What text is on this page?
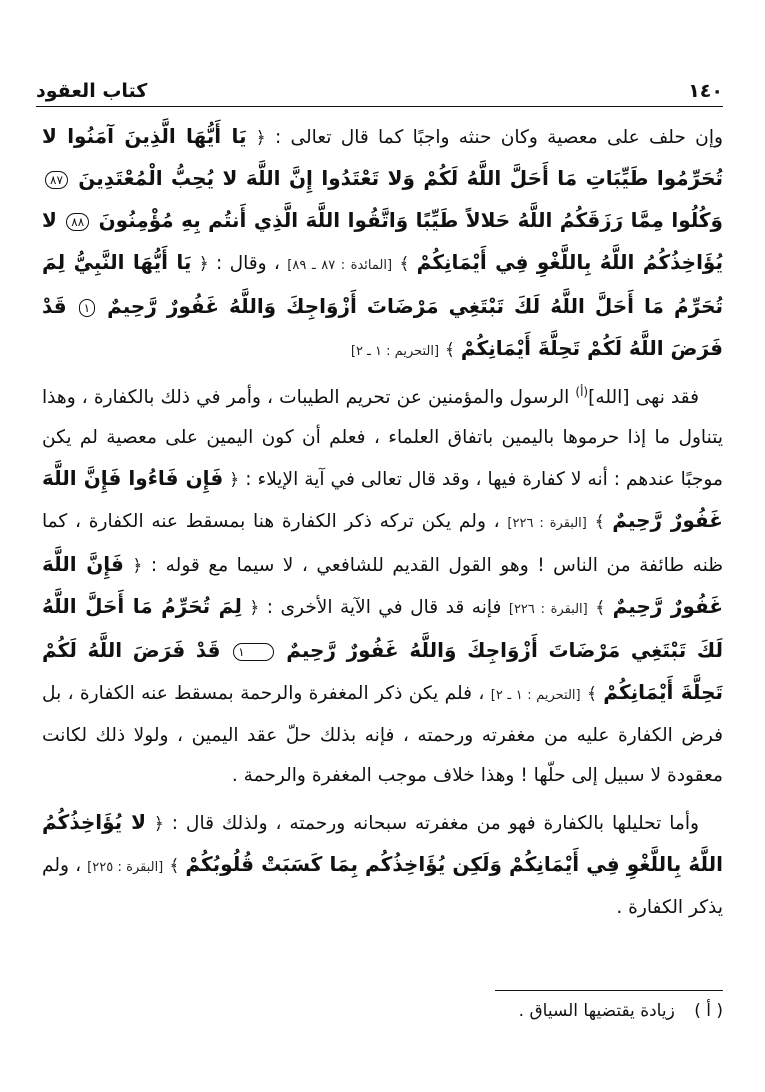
١٤٠
كتاب العقود

وإن حلف على معصية وكان حنثه واجبًا كما قال تعالى : ﴿ يَا أَيُّهَا الَّذِينَ آمَنُوا لا تُحَرِّمُوا طَيِّبَاتِ مَا أَحَلَّ اللَّهُ لَكُمْ وَلا تَعْتَدُوا إِنَّ اللَّهَ لا يُحِبُّ الْمُعْتَدِينَ ٨٧ وَكُلُوا مِمَّا رَزَقَكُمُ اللَّهُ حَلالاً طَيِّبًا وَاتَّقُوا اللَّهَ الَّذِي أَنتُم بِهِ مُؤْمِنُونَ ٨٨ لا يُؤَاخِذُكُمُ اللَّهُ بِاللَّغْوِ فِي أَيْمَانِكُمْ ﴾ [المائدة : ٨٧ ـ ٨٩] ، وقال : ﴿ يَا أَيُّهَا النَّبِيُّ لِمَ تُحَرِّمُ مَا أَحَلَّ اللَّهُ لَكَ تَبْتَغِي مَرْضَاتَ أَزْوَاجِكَ وَاللَّهُ غَفُورٌ رَّحِيمٌ ١ قَدْ فَرَضَ اللَّهُ لَكُمْ تَحِلَّةَ أَيْمَانِكُمْ ﴾ [التحريم : ١ ـ ٢]

فقد نهى [الله]$^{(أ)}$ الرسول والمؤمنين عن تحريم الطيبات ، وأمر في ذلك بالكفارة ، وهذا يتناول ما إذا حرموها باليمين باتفاق العلماء ، فعلم أن كون اليمين على معصية لم يكن موجبًا عندهم : أنه لا كفارة فيها ، وقد قال تعالى في آية الإيلاء : ﴿ فَإِن فَاءُوا فَإِنَّ اللَّهَ غَفُورٌ رَّحِيمٌ ﴾ [البقرة : ٢٢٦] ، ولم يكن تركه ذكر الكفارة هنا بمسقط عنه الكفارة ، كما ظنه طائفة من الناس ! وهو القول القديم للشافعي ، لا سيما مع قوله : ﴿ فَإِنَّ اللَّهَ غَفُورٌ رَّحِيمٌ ﴾ [البقرة : ٢٢٦] فإنه قد قال في الآية الأخرى : ﴿ لِمَ تُحَرِّمُ مَا أَحَلَّ اللَّهُ لَكَ تَبْتَغِي مَرْضَاتَ أَزْوَاجِكَ وَاللَّهُ غَفُورٌ رَّحِيمٌ ١ قَدْ فَرَضَ اللَّهُ لَكُمْ تَحِلَّةَ أَيْمَانِكُمْ ﴾ [التحريم : ١ ـ ٢] ، فلم يكن ذكر المغفرة والرحمة بمسقط عنه الكفارة ، بل فرض الكفارة عليه من مغفرته ورحمته ، فإنه بذلك حلّ عقد اليمين ، ولولا ذلك لكانت معقودة لا سبيل إلى حلّها ! وهذا خلاف موجب المغفرة والرحمة .

وأما تحليلها بالكفارة فهو من مغفرته سبحانه ورحمته ، ولذلك قال : ﴿ لا يُؤَاخِذُكُمُ اللَّهُ بِاللَّغْوِ فِي أَيْمَانِكُمْ وَلَكِن يُؤَاخِذُكُم بِمَا كَسَبَتْ قُلُوبُكُمْ ﴾ [البقرة : ٢٢٥] ، ولم يذكر الكفارة .

( أ ) زيادة يقتضيها السياق .
